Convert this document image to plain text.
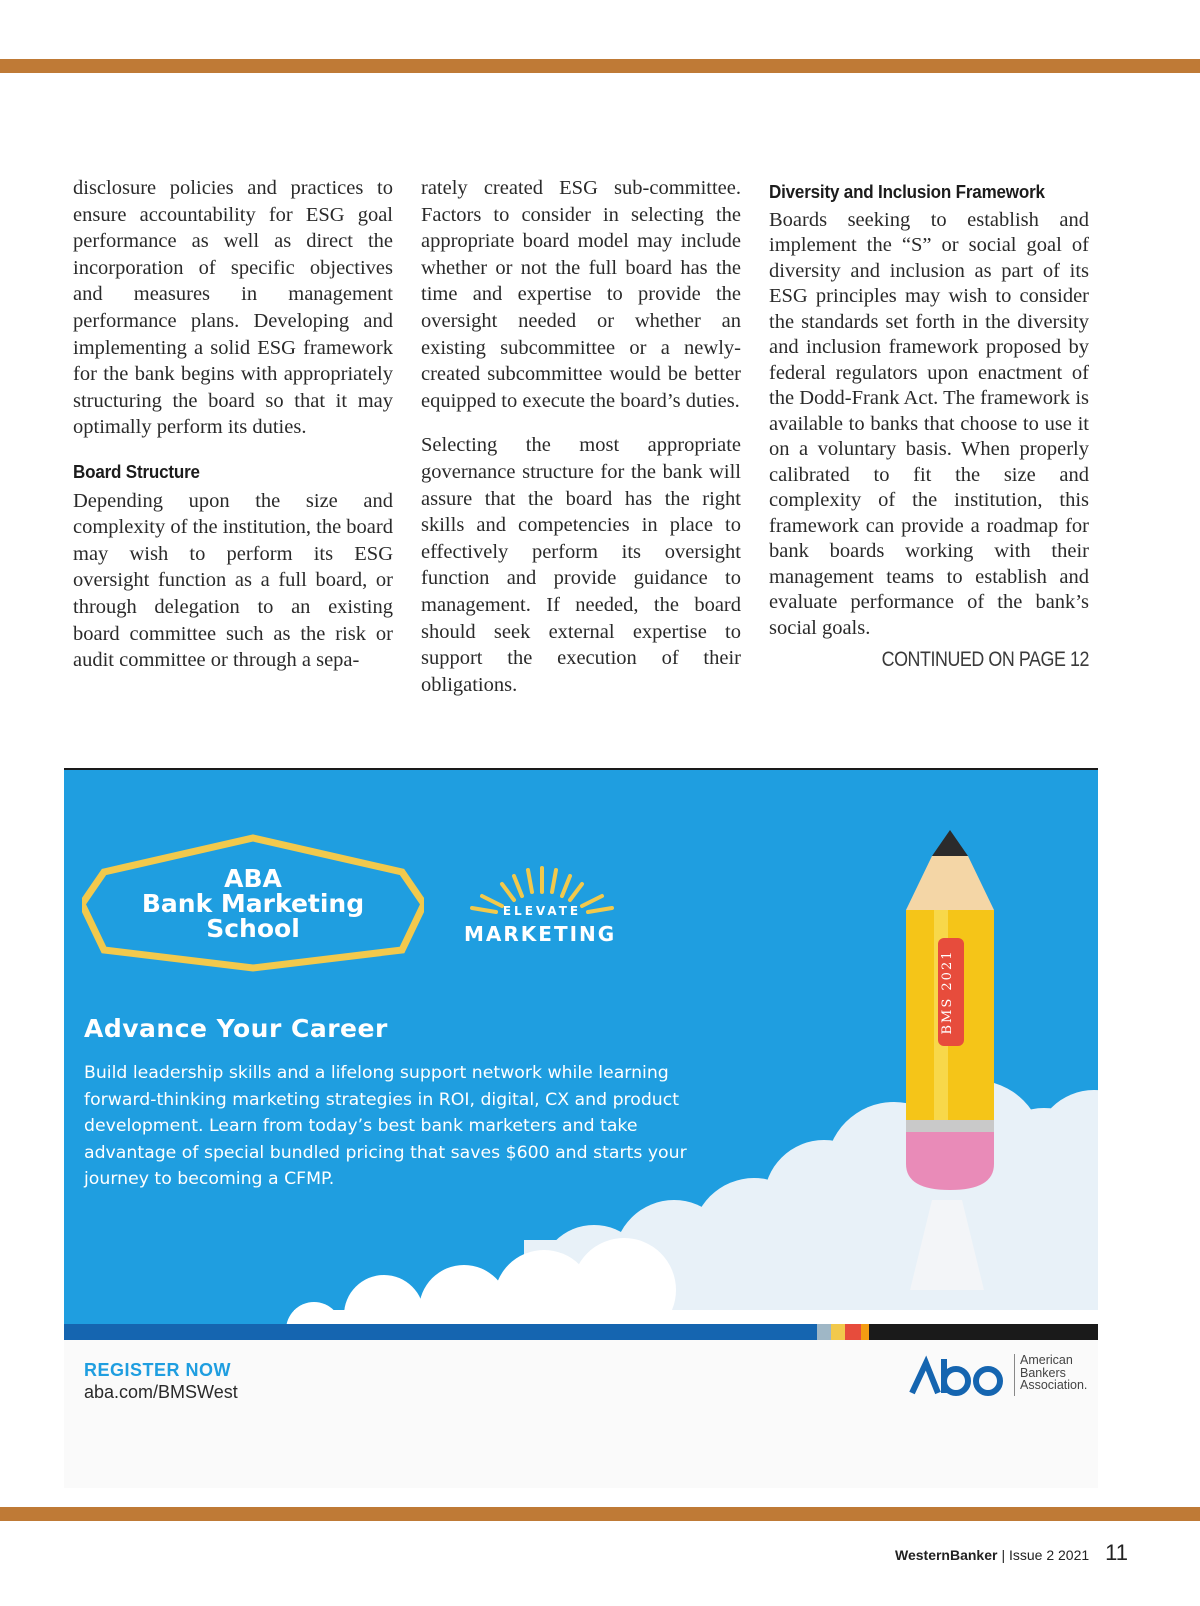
disclosure policies and practices to ensure accountability for ESG goal performance as well as direct the incorporation of specific objectives and measures in management performance plans. Developing and implementing a solid ESG framework for the bank begins with appropriately structuring the board so that it may optimally perform its duties.

Board Structure

Depending upon the size and complexity of the institution, the board may wish to perform its ESG oversight function as a full board, or through delegation to an existing board committee such as the risk or audit committee or through a sepa-

rately created ESG sub-committee. Factors to consider in selecting the appropriate board model may include whether or not the full board has the time and expertise to provide the oversight needed or whether an existing subcommittee or a newly-created subcommittee would be better equipped to execute the board’s duties.

Selecting the most appropriate governance structure for the bank will assure that the board has the right skills and competencies in place to effectively perform its oversight function and provide guidance to management. If needed, the board should seek external expertise to support the execution of their obligations.

Diversity and Inclusion Framework

Boards seeking to establish and implement the “S” or social goal of diversity and inclusion as part of its ESG principles may wish to consider the standards set forth in the diversity and inclusion framework proposed by federal regulators upon enactment of the Dodd-Frank Act. The framework is available to banks that choose to use it on a voluntary basis. When properly calibrated to fit the size and complexity of the institution, this framework can provide a roadmap for bank boards working with their management teams to establish and evaluate performance of the bank’s social goals.

CONTINUED ON PAGE 12
ABA
Bank Marketing
School
ELEVATE
MARKETING
BMS 2021
Advance Your Career
Build leadership skills and a lifelong support network while learning forward-thinking marketing strategies in ROI, digital, CX and product development. Learn from today’s best bank marketers and take advantage of special bundled pricing that saves $600 and starts your journey to becoming a CFMP.
REGISTER NOW
aba.com/BMSWest
American
Bankers
Association.
WesternBanker | Issue 2 2021 11
